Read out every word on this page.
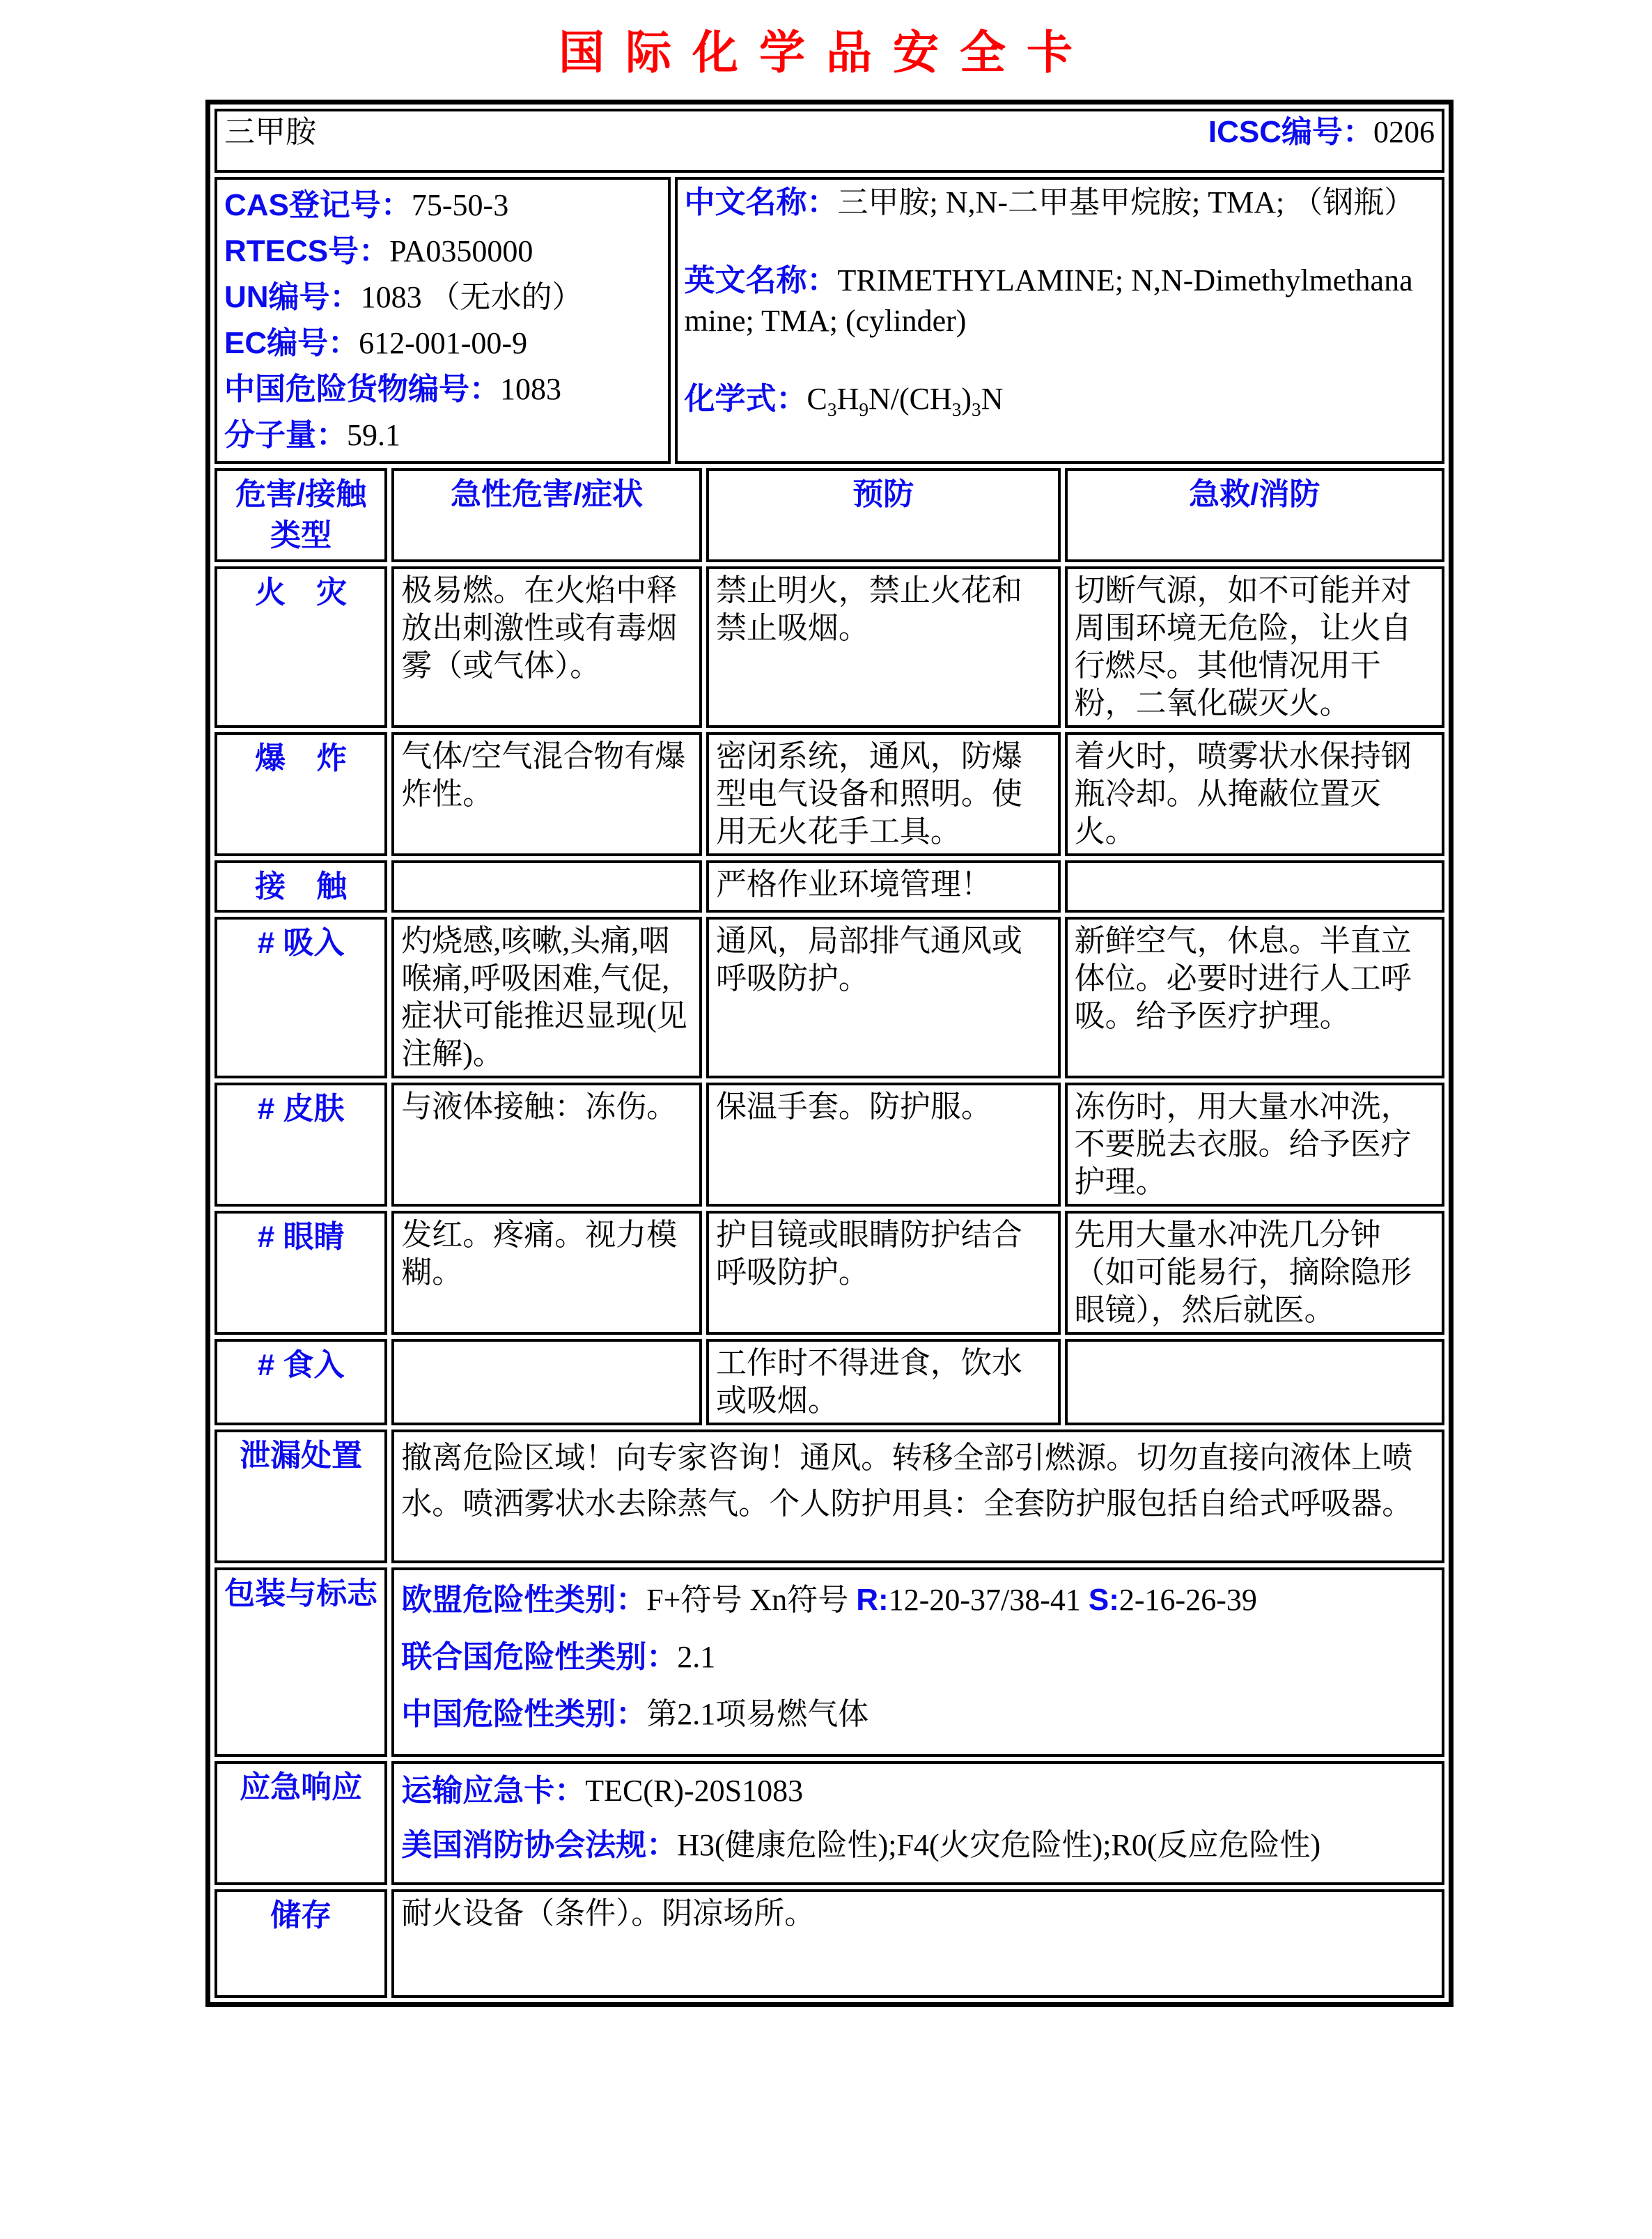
国际化学品安全卡
三甲胺	ICSC编号：0206
CAS登记号：75-50-3
RTECS号：PA0350000
UN编号：1083 （无水的）
EC编号：612-001-00-9
中国危险货物编号：1083
分子量：59.1

中文名称：三甲胺; N,N-二甲基甲烷胺; TMA; （钢瓶）
英文名称：TRIMETHYLAMINE; N,N-Dimethylmethanamine; TMA; (cylinder)
化学式：$C_3H_9N/(CH_3)_3N$
危害/接触类型	急性危害/症状	预防	急救/消防
火　灾	极易燃。在火焰中释放出刺激性或有毒烟雾（或气体）。	禁止明火，禁止火花和禁止吸烟。	切断气源，如不可能并对周围环境无危险，让火自行燃尽。其他情况用干粉，二氧化碳灭火。
爆　炸	气体/空气混合物有爆炸性。	密闭系统，通风，防爆型电气设备和照明。使用无火花手工具。	着火时，喷雾状水保持钢瓶冷却。从掩蔽位置灭火。
接　触		严格作业环境管理！	
# 吸入	灼烧感,咳嗽,头痛,咽喉痛,呼吸困难,气促,症状可能推迟显现(见注解)。	通风，局部排气通风或呼吸防护。	新鲜空气，休息。半直立体位。必要时进行人工呼吸。给予医疗护理。
# 皮肤	与液体接触：冻伤。	保温手套。防护服。	冻伤时，用大量水冲洗，不要脱去衣服。给予医疗护理。
# 眼睛	发红。疼痛。视力模糊。	护目镜或眼睛防护结合呼吸防护。	先用大量水冲洗几分钟（如可能易行，摘除隐形眼镜），然后就医。
# 食入		工作时不得进食，饮水或吸烟。	
泄漏处置	撤离危险区域！向专家咨询！通风。转移全部引燃源。切勿直接向液体上喷水。喷洒雾状水去除蒸气。个人防护用具：全套防护服包括自给式呼吸器。		

包装与标志	欧盟危险性类别：F+符号 Xn符号 R:12-20-37/38-41 S:2-16-26-39
联合国危险性类别：2.1
中国危险性类别：第2.1项易燃气体		

应急响应	运输应急卡：TEC(R)-20S1083
美国消防协会法规：H3(健康危险性);F4(火灾危险性);R0(反应危险性)		

储存	耐火设备（条件）。阴凉场所。		
